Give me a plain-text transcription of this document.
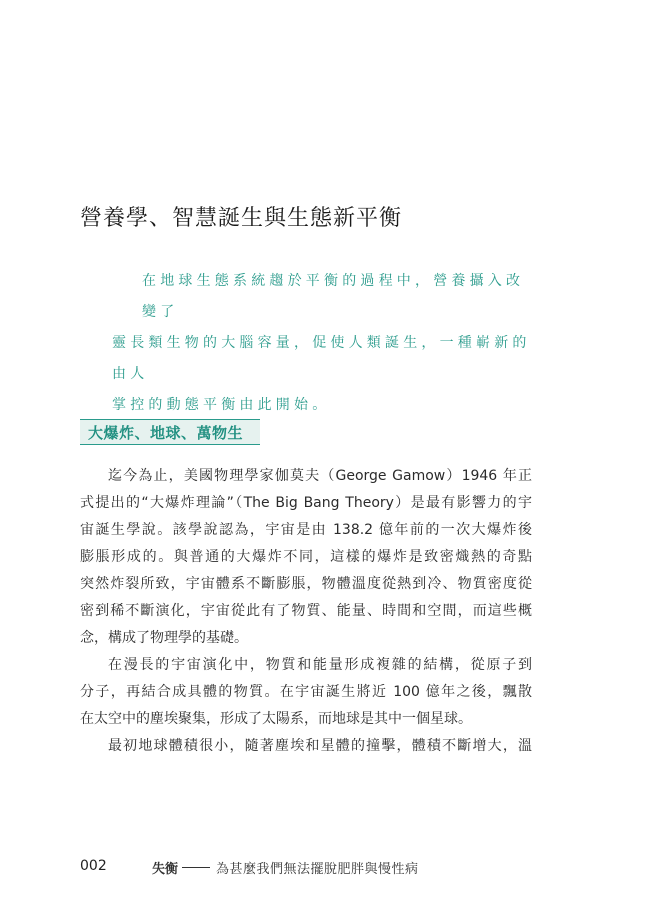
營養學、智慧誕生與生態新平衡
在地球生態系統趨於平衡的過程中，營養攝入改變了
靈長類生物的大腦容量，促使人類誕生，一種嶄新的由人
掌控的動態平衡由此開始。
大爆炸、地球、萬物生
迄今為止，美國物理學家伽莫夫（George Gamow）1946 年正
式提出的“大爆炸理論”（The Big Bang Theory）是最有影響力的宇
宙誕生學說。該學說認為，宇宙是由 138.2 億年前的一次大爆炸後
膨脹形成的。與普通的大爆炸不同，這樣的爆炸是致密熾熱的奇點
突然炸裂所致，宇宙體系不斷膨脹，物體溫度從熱到冷、物質密度從
密到稀不斷演化，宇宙從此有了物質、能量、時間和空間，而這些概
念，構成了物理學的基礎。
在漫長的宇宙演化中，物質和能量形成複雜的結構，從原子到
分子，再結合成具體的物質。在宇宙誕生將近 100 億年之後，飄散
在太空中的塵埃聚集，形成了太陽系，而地球是其中一個星球。
最初地球體積很小，隨著塵埃和星體的撞擊，體積不斷增大，溫
002	失衡	為甚麼我們無法擺脫肥胖與慢性病
